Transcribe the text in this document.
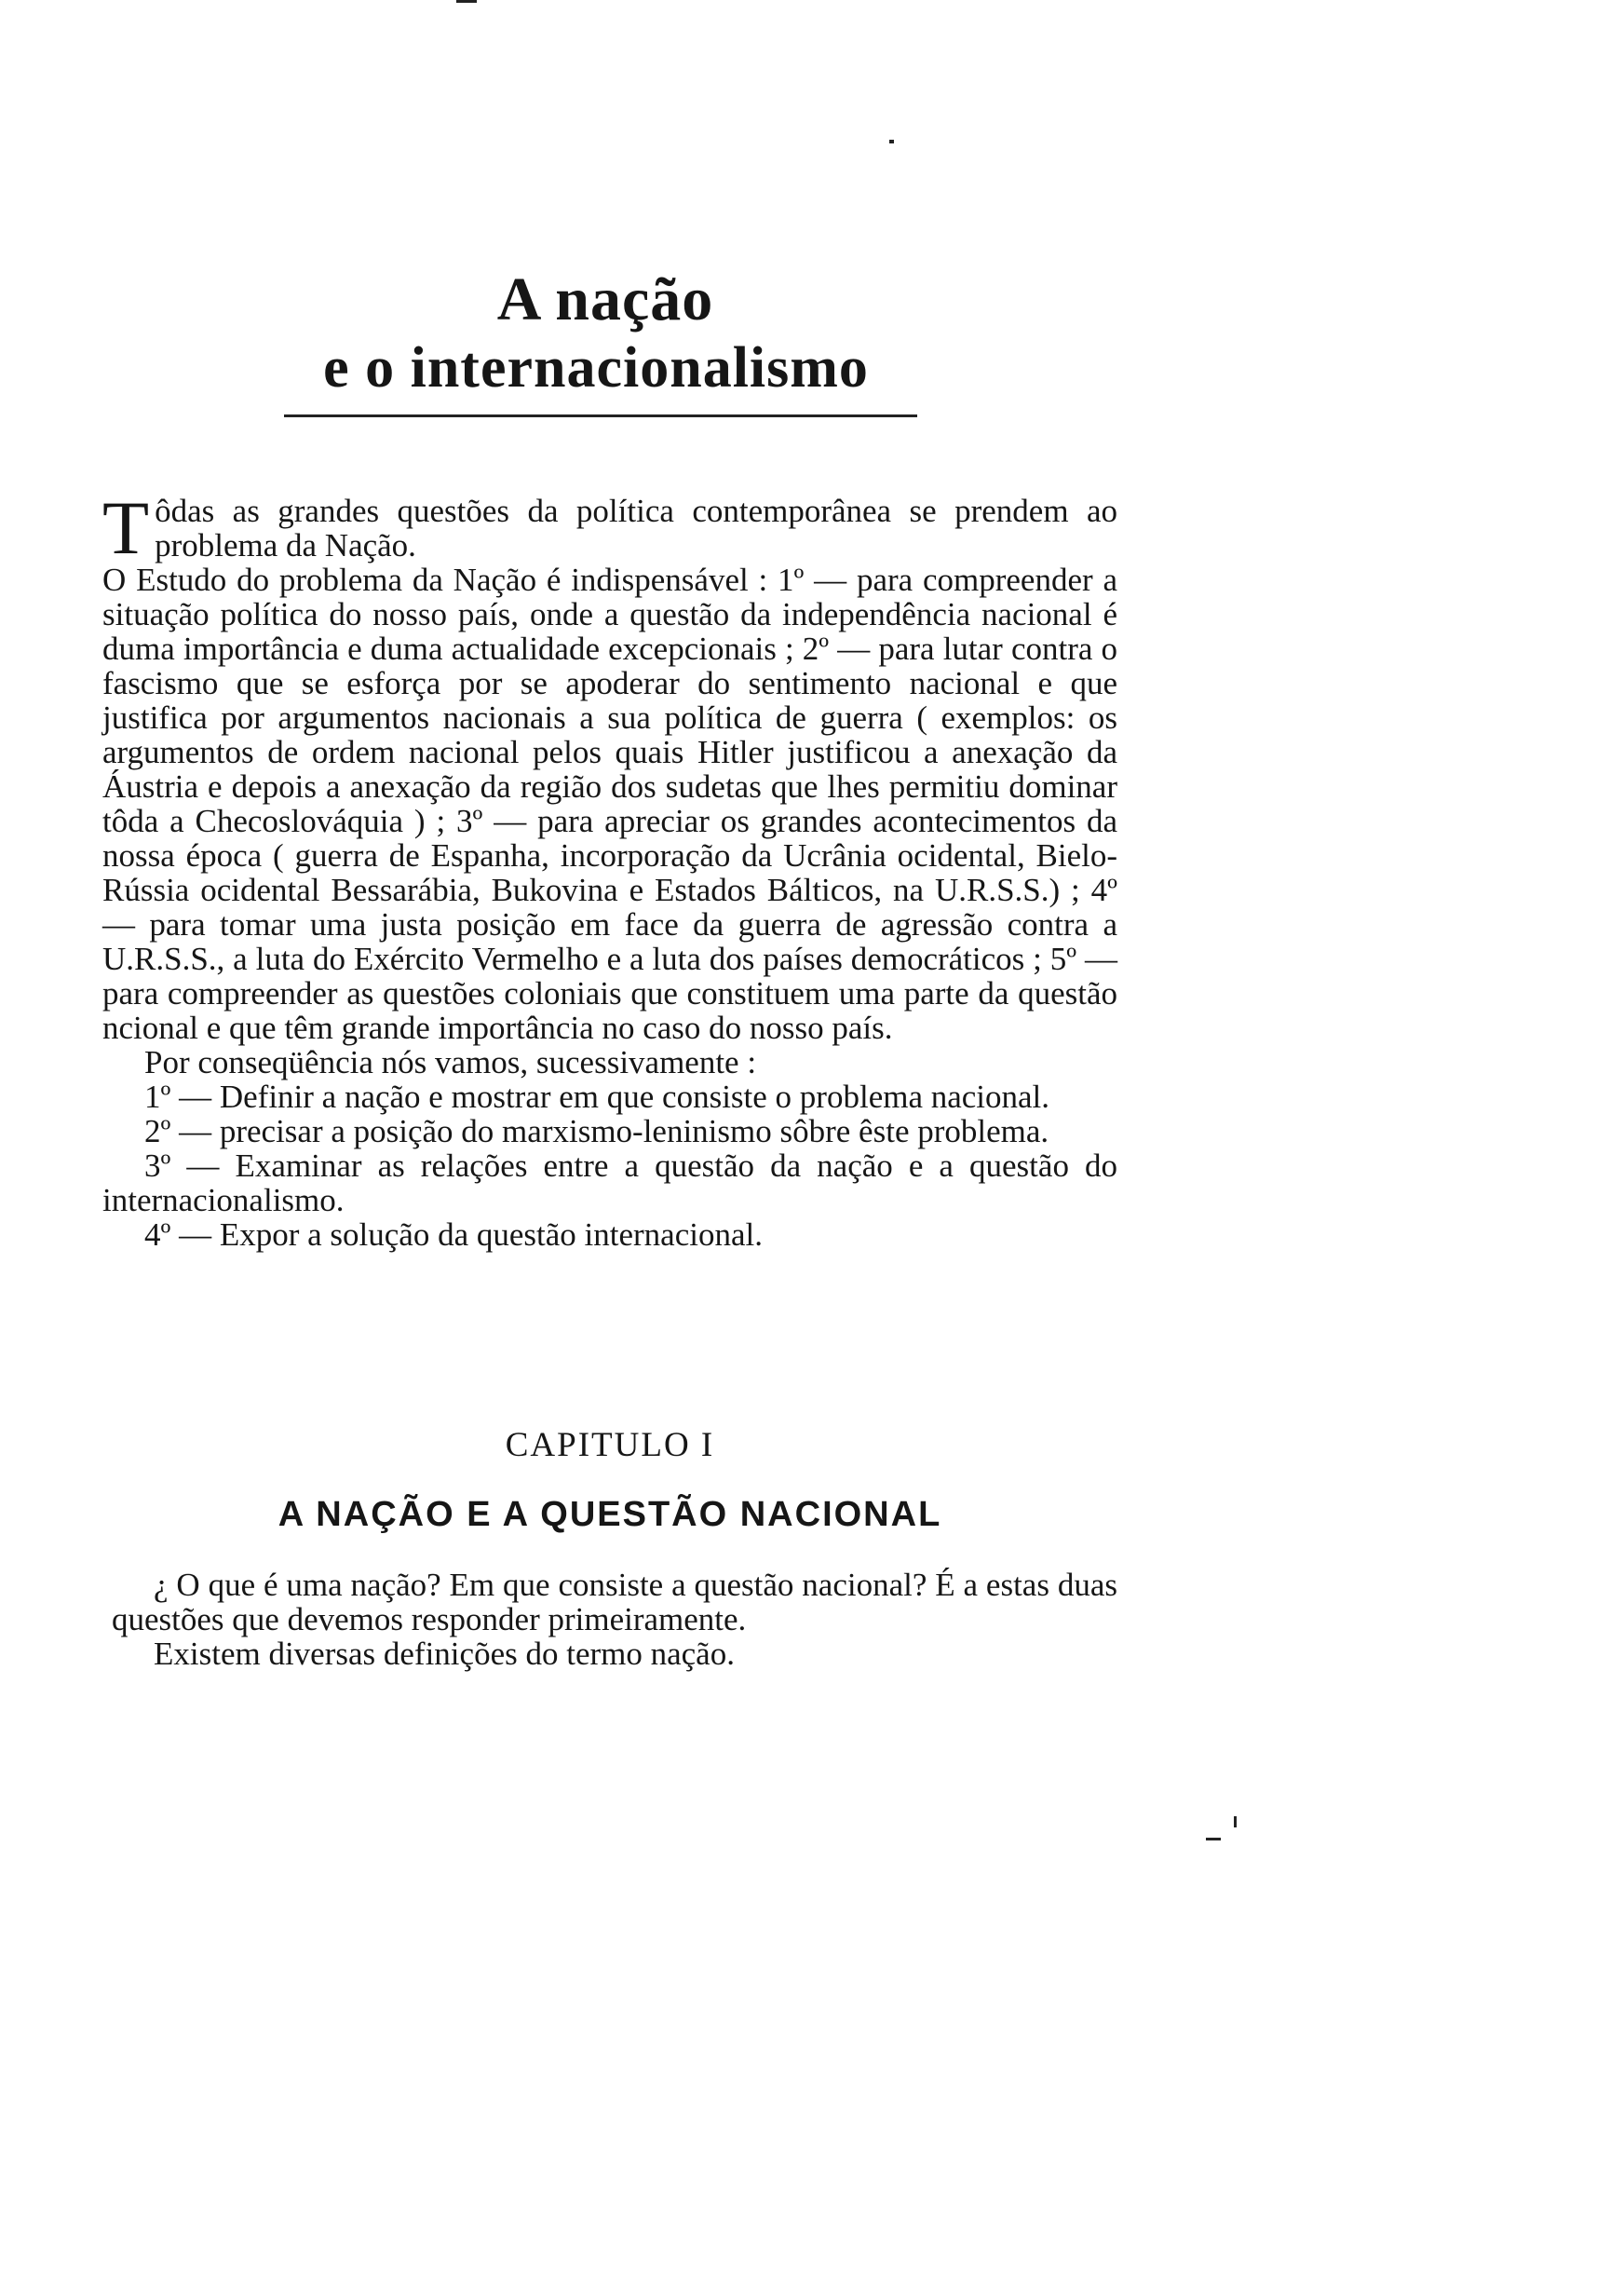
A nação
e o internacionalismo

Tôdas as grandes questões da política contemporânea se prendem ao problema da Nação.

O Estudo do problema da Nação é indispensável : 1º — para compreender a situação política do nosso país, onde a questão da independência nacional é duma importância e duma actualidade excepcionais ; 2º — para lutar contra o fascismo que se esforça por se apoderar do sentimento nacional e que justifica por argumentos nacionais a sua política de guerra ( exemplos: os argumentos de ordem nacional pelos quais Hitler justificou a anexação da Áustria e depois a anexação da região dos sudetas que lhes permitiu dominar tôda a Checoslováquia ) ; 3º — para apreciar os grandes acontecimentos da nossa época ( guerra de Espanha, incorporação da Ucrânia ocidental, Bielo-Rússia ocidental Bessarábia, Bukovina e Estados Bálticos, na U.R.S.S.) ; 4º — para tomar uma justa posição em face da guerra de agressão contra a U.R.S.S., a luta do Exército Vermelho e a luta dos países democráticos ; 5º — para compreender as questões coloniais que constituem uma parte da questão ncional e que têm grande importância no caso do nosso país.

Por conseqüência nós vamos, sucessivamente :

1º — Definir a nação e mostrar em que consiste o problema nacional.

2º — precisar a posição do marxismo-leninismo sôbre êste problema.

3º — Examinar as relações entre a questão da nação e a questão do internacionalismo.

4º — Expor a solução da questão internacional.

CAPITULO I
A NAÇÃO E A QUESTÃO NACIONAL

¿ O que é uma nação? Em que consiste a questão nacional? É a estas duas questões que devemos responder primeiramente.

Existem diversas definições do termo nação.
